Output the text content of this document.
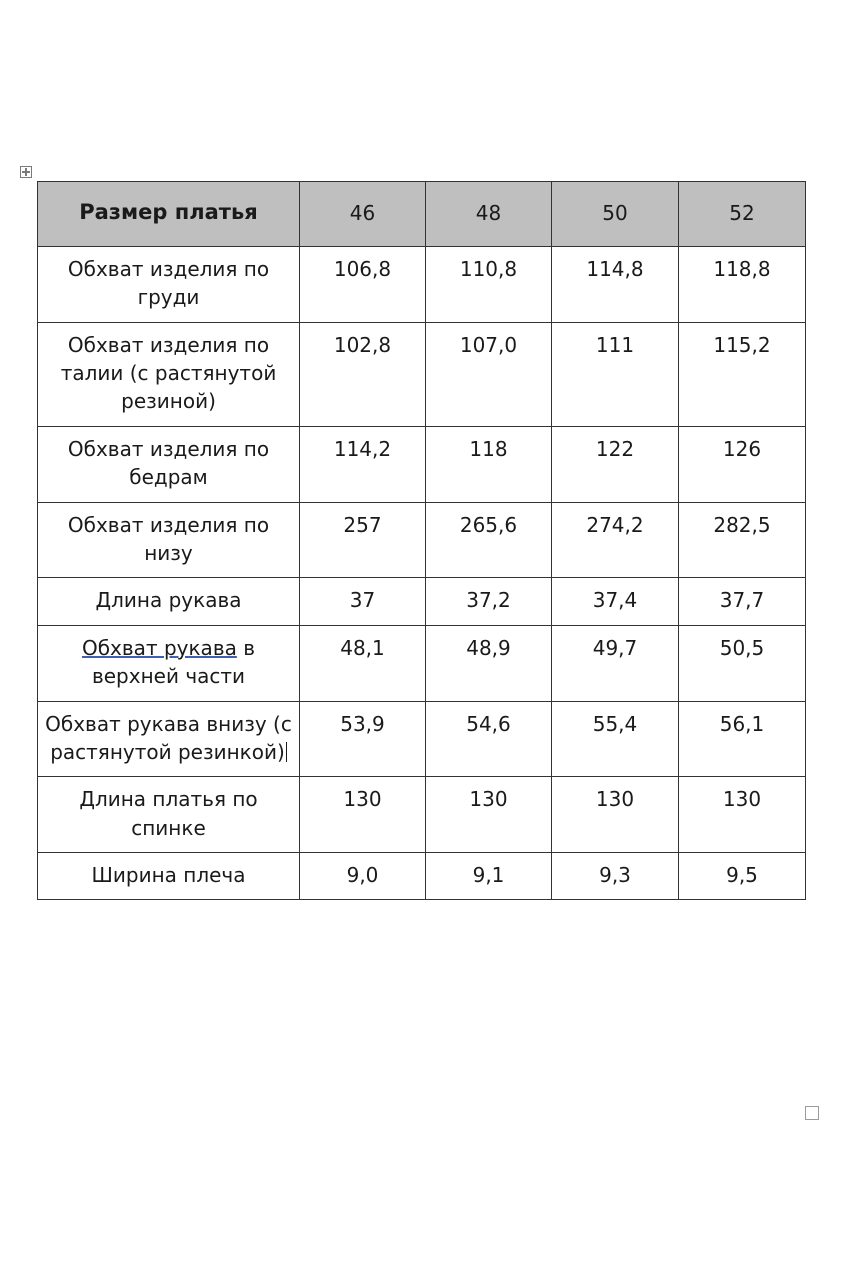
Размер платья	46	48	50	52
Обхват изделия по груди	106,8	110,8	114,8	118,8
Обхват изделия по талии (с растянутой резиной)	102,8	107,0	111	115,2
Обхват изделия по бедрам	114,2	118	122	126
Обхват изделия по низу	257	265,6	274,2	282,5
Длина рукава	37	37,2	37,4	37,7
Обхват рукава в верхней части	48,1	48,9	49,7	50,5
Обхват рукава внизу (с растянутой резинкой)	53,9	54,6	55,4	56,1
Длина платья по спинке	130	130	130	130
Ширина плеча	9,0	9,1	9,3	9,5
